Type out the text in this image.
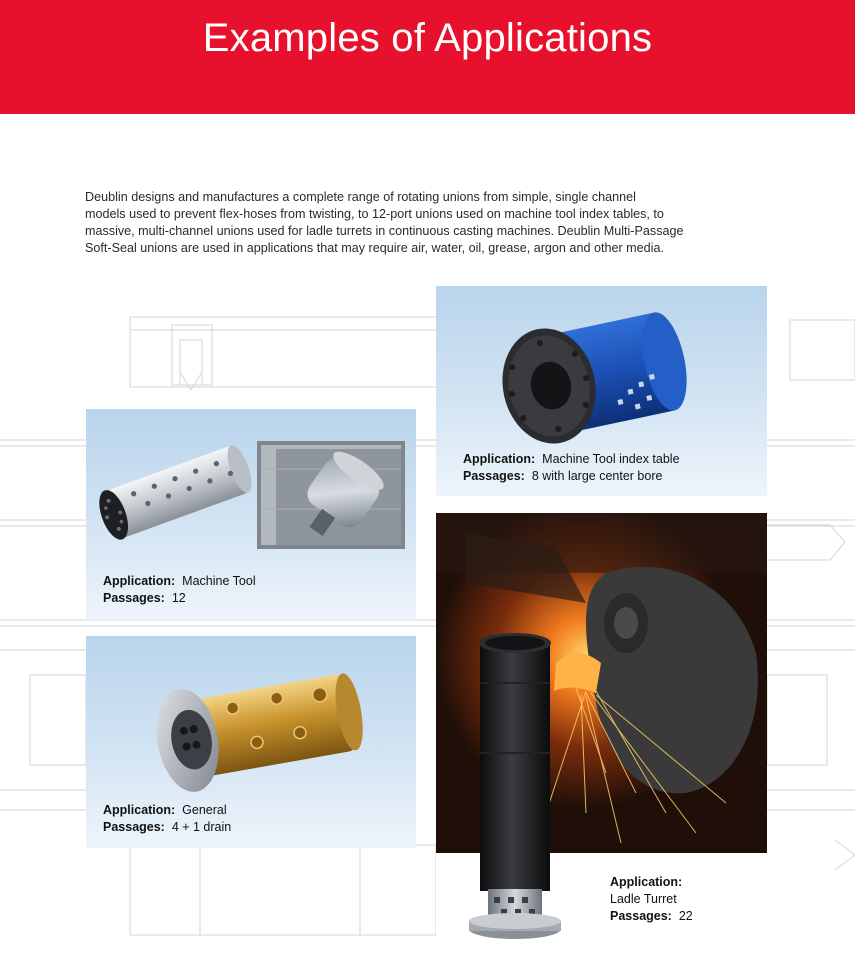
Examples of Applications
Deublin designs and manufactures a complete range of rotating unions from simple, single channel
models used to prevent flex-hoses from twisting, to 12-port unions used on machine tool index tables, to
massive, multi-channel unions used for ladle turrets in continuous casting machines. Deublin Multi-Passage
Soft-Seal unions are used in applications that may require air, water, oil, grease, argon and other media.
Application: Machine Tool
Passages: 12
Application: Machine Tool index table
Passages: 8 with large center bore
Application: General
Passages: 4 + 1 drain
Application:
Ladle Turret
Passages: 22
